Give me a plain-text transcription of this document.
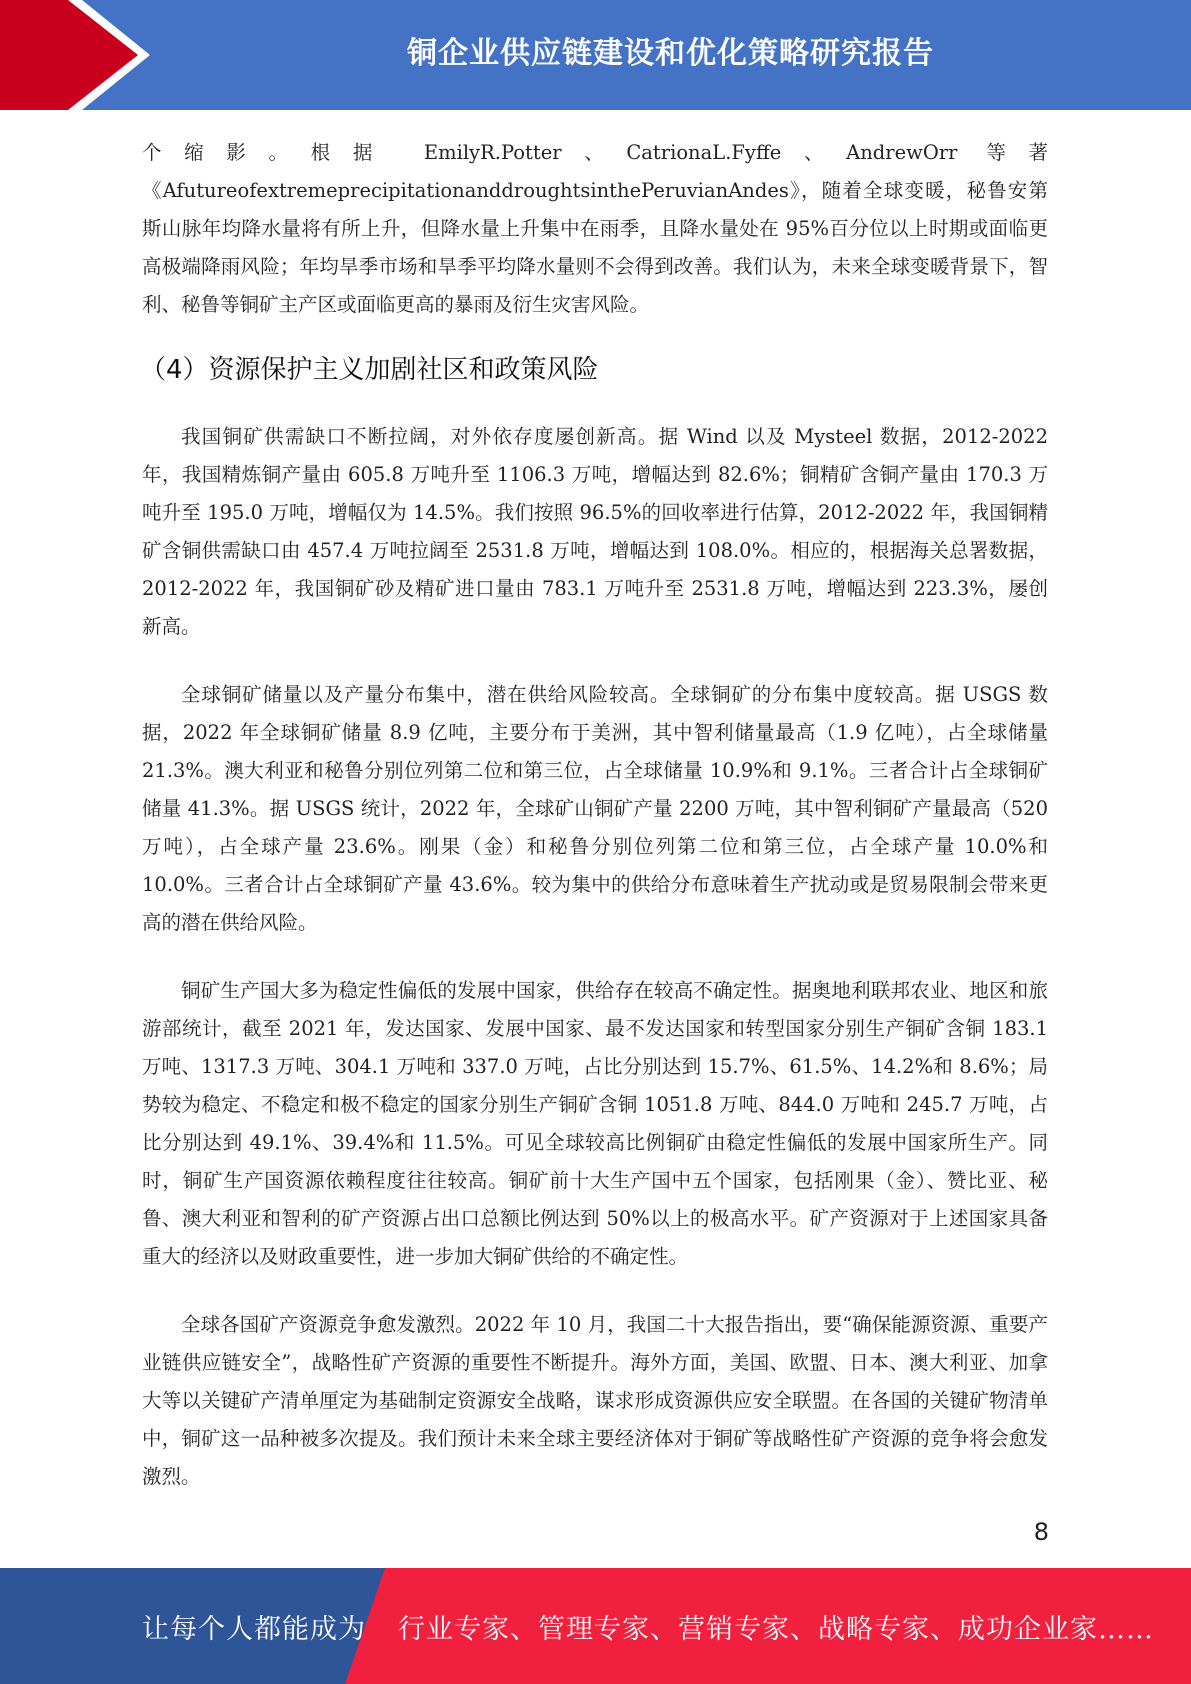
铜企业供应链建设和优化策略研究报告

个缩影。根据 EmilyR.Potter、CatrionaL.Fyffe、AndrewOrr 等著《AfutureofextremeprecipitationanddroughtsinthePeruvianAndes》，随着全球变暖，秘鲁安第斯山脉年均降水量将有所上升，但降水量上升集中在雨季，且降水量处在 95%百分位以上时期或面临更高极端降雨风险；年均旱季市场和旱季平均降水量则不会得到改善。我们认为，未来全球变暖背景下，智利、秘鲁等铜矿主产区或面临更高的暴雨及衍生灾害风险。

（4）资源保护主义加剧社区和政策风险

我国铜矿供需缺口不断拉阔，对外依存度屡创新高。据 Wind 以及 Mysteel 数据，2012-2022 年，我国精炼铜产量由 605.8 万吨升至 1106.3 万吨，增幅达到 82.6%；铜精矿含铜产量由 170.3 万吨升至 195.0 万吨，增幅仅为 14.5%。我们按照 96.5%的回收率进行估算，2012-2022 年，我国铜精矿含铜供需缺口由 457.4 万吨拉阔至 2531.8 万吨，增幅达到 108.0%。相应的，根据海关总署数据，2012-2022 年，我国铜矿砂及精矿进口量由 783.1 万吨升至 2531.8 万吨，增幅达到 223.3%，屡创新高。

全球铜矿储量以及产量分布集中，潜在供给风险较高。全球铜矿的分布集中度较高。据 USGS 数据，2022 年全球铜矿储量 8.9 亿吨，主要分布于美洲，其中智利储量最高（1.9 亿吨），占全球储量 21.3%。澳大利亚和秘鲁分别位列第二位和第三位，占全球储量 10.9%和 9.1%。三者合计占全球铜矿储量 41.3%。据 USGS 统计，2022 年，全球矿山铜矿产量 2200 万吨，其中智利铜矿产量最高（520 万吨），占全球产量 23.6%。刚果（金）和秘鲁分别位列第二位和第三位，占全球产量 10.0%和 10.0%。三者合计占全球铜矿产量 43.6%。较为集中的供给分布意味着生产扰动或是贸易限制会带来更高的潜在供给风险。

铜矿生产国大多为稳定性偏低的发展中国家，供给存在较高不确定性。据奥地利联邦农业、地区和旅游部统计，截至 2021 年，发达国家、发展中国家、最不发达国家和转型国家分别生产铜矿含铜 183.1 万吨、1317.3 万吨、304.1 万吨和 337.0 万吨，占比分别达到 15.7%、61.5%、14.2%和 8.6%；局势较为稳定、不稳定和极不稳定的国家分别生产铜矿含铜 1051.8 万吨、844.0 万吨和 245.7 万吨，占比分别达到 49.1%、39.4%和 11.5%。可见全球较高比例铜矿由稳定性偏低的发展中国家所生产。同时，铜矿生产国资源依赖程度往往较高。铜矿前十大生产国中五个国家，包括刚果（金）、赞比亚、秘鲁、澳大利亚和智利的矿产资源占出口总额比例达到 50%以上的极高水平。矿产资源对于上述国家具备重大的经济以及财政重要性，进一步加大铜矿供给的不确定性。

全球各国矿产资源竞争愈发激烈。2022 年 10 月，我国二十大报告指出，要“确保能源资源、重要产业链供应链安全”，战略性矿产资源的重要性不断提升。海外方面，美国、欧盟、日本、澳大利亚、加拿大等以关键矿产清单厘定为基础制定资源安全战略，谋求形成资源供应安全联盟。在各国的关键矿物清单中，铜矿这一品种被多次提及。我们预计未来全球主要经济体对于铜矿等战略性矿产资源的竞争将会愈发激烈。

8
让每个人都能成为 行业专家、管理专家、营销专家、战略专家、成功企业家……
